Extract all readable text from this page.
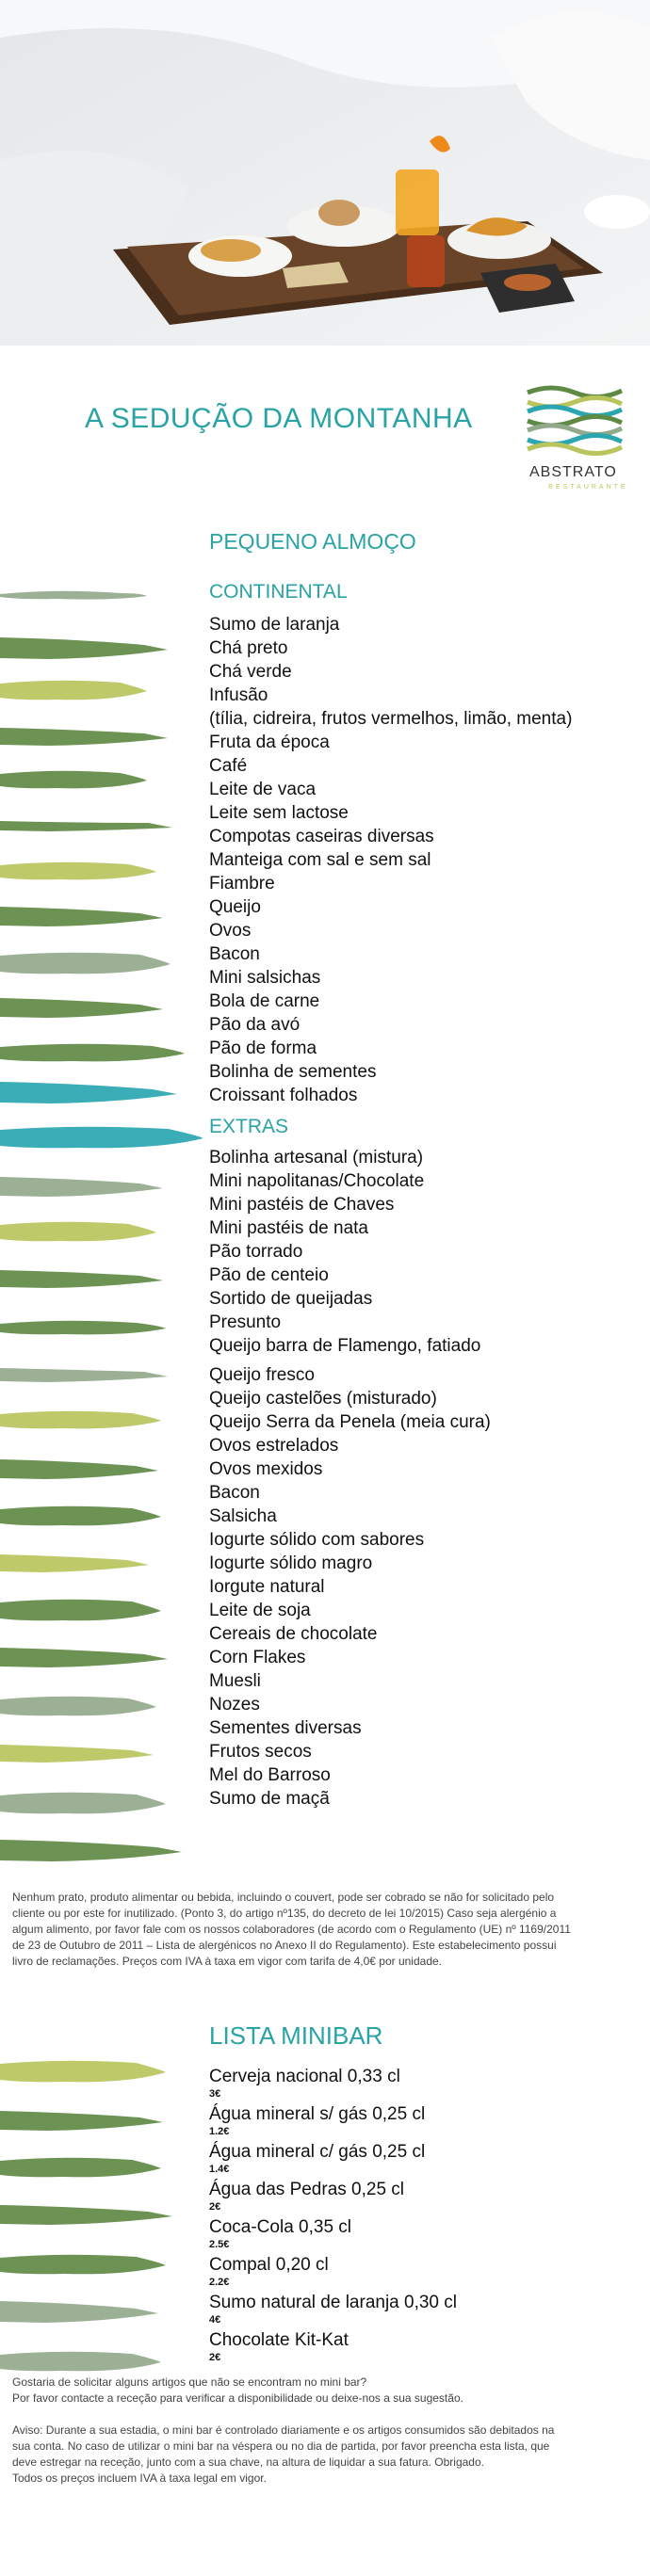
A SEDUÇÃO DA MONTANHA
ABSTRATO
RESTAURANTE
PEQUENO ALMOÇO
CONTINENTAL
Sumo de laranja
Chá preto
Chá verde
Infusão
(tília, cidreira, frutos vermelhos, limão, menta)
Fruta da época
Café
Leite de vaca
Leite sem lactose
Compotas caseiras diversas
Manteiga com sal e sem sal
Fiambre
Queijo
Ovos
Bacon
Mini salsichas
Bola de carne
Pão da avó
Pão de forma
Bolinha de sementes
Croissant folhados
EXTRAS
Bolinha artesanal (mistura)
Mini napolitanas/Chocolate
Mini pastéis de Chaves
Mini pastéis de nata
Pão torrado
Pão de centeio
Sortido de queijadas
Presunto
Queijo barra de Flamengo, fatiado
Queijo fresco
Queijo castelões (misturado)
Queijo Serra da Penela (meia cura)
Ovos estrelados
Ovos mexidos
Bacon
Salsicha
Iogurte sólido com sabores
Iogurte sólido magro
Iorgute natural
Leite de soja
Cereais de chocolate
Corn Flakes
Muesli
Nozes
Sementes diversas
Frutos secos
Mel do Barroso
Sumo de maçã
Nenhum prato, produto alimentar ou bebida, incluindo o couvert, pode ser cobrado se não for solicitado pelo
cliente ou por este for inutilizado. (Ponto 3, do artigo nº135, do decreto de lei 10/2015) Caso seja alergénio a
algum alimento, por favor fale com os nossos colaboradores (de acordo com o Regulamento (UE) nº 1169/2011
de 23 de Outubro de 2011 – Lista de alergénicos no Anexo II do Regulamento). Este estabelecimento possui
livro de reclamações. Preços com IVA à taxa em vigor com tarifa de 4,0€ por unidade.
LISTA MINIBAR
Cerveja nacional 0,33 cl
3€
Água mineral s/ gás 0,25 cl
1.2€
Água mineral c/ gás 0,25 cl
1.4€
Água das Pedras 0,25 cl
2€
Coca-Cola 0,35 cl
2.5€
Compal 0,20 cl
2.2€
Sumo natural de laranja 0,30 cl
4€
Chocolate Kit-Kat
2€
Gostaria de solicitar alguns artigos que não se encontram no mini bar?
Por favor contacte a receção para verificar a disponibilidade ou deixe-nos a sua sugestão.
Aviso: Durante a sua estadia, o mini bar é controlado diariamente e os artigos consumidos são debitados na
sua conta. No caso de utilizar o mini bar na véspera ou no dia de partida, por favor preencha esta lista, que
deve estregar na receção, junto com a sua chave, na altura de liquidar a sua fatura. Obrigado.
Todos os preços incluem IVA à taxa legal em vigor.
